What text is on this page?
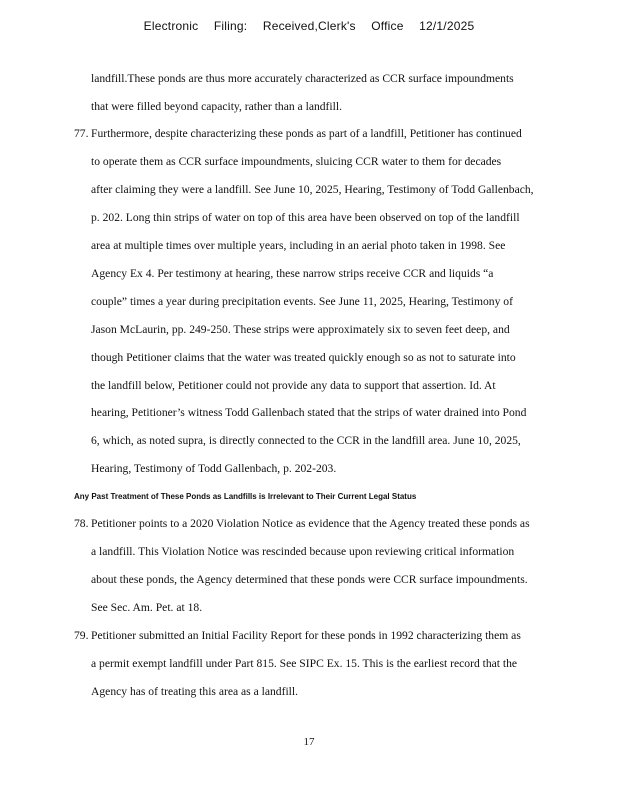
Electronic Filing: Received,Clerk's Office 12/1/2025
landfill.These ponds are thus more accurately characterized as CCR surface impoundments
that were filled beyond capacity, rather than a landfill.
77. Furthermore, despite characterizing these ponds as part of a landfill, Petitioner has continued
to operate them as CCR surface impoundments, sluicing CCR water to them for decades
after claiming they were a landfill. See June 10, 2025, Hearing, Testimony of Todd Gallenbach,
p. 202. Long thin strips of water on top of this area have been observed on top of the landfill
area at multiple times over multiple years, including in an aerial photo taken in 1998. See
Agency Ex 4. Per testimony at hearing, these narrow strips receive CCR and liquids “a
couple” times a year during precipitation events. See June 11, 2025, Hearing, Testimony of
Jason McLaurin, pp. 249-250. These strips were approximately six to seven feet deep, and
though Petitioner claims that the water was treated quickly enough so as not to saturate into
the landfill below, Petitioner could not provide any data to support that assertion. Id. At
hearing, Petitioner’s witness Todd Gallenbach stated that the strips of water drained into Pond
6, which, as noted supra, is directly connected to the CCR in the landfill area. June 10, 2025,
Hearing, Testimony of Todd Gallenbach, p. 202-203.
Any Past Treatment of These Ponds as Landfills is Irrelevant to Their Current Legal Status
78. Petitioner points to a 2020 Violation Notice as evidence that the Agency treated these ponds as
a landfill. This Violation Notice was rescinded because upon reviewing critical information
about these ponds, the Agency determined that these ponds were CCR surface impoundments.
See Sec. Am. Pet. at 18.
79. Petitioner submitted an Initial Facility Report for these ponds in 1992 characterizing them as
a permit exempt landfill under Part 815. See SIPC Ex. 15. This is the earliest record that the
Agency has of treating this area as a landfill.
17
